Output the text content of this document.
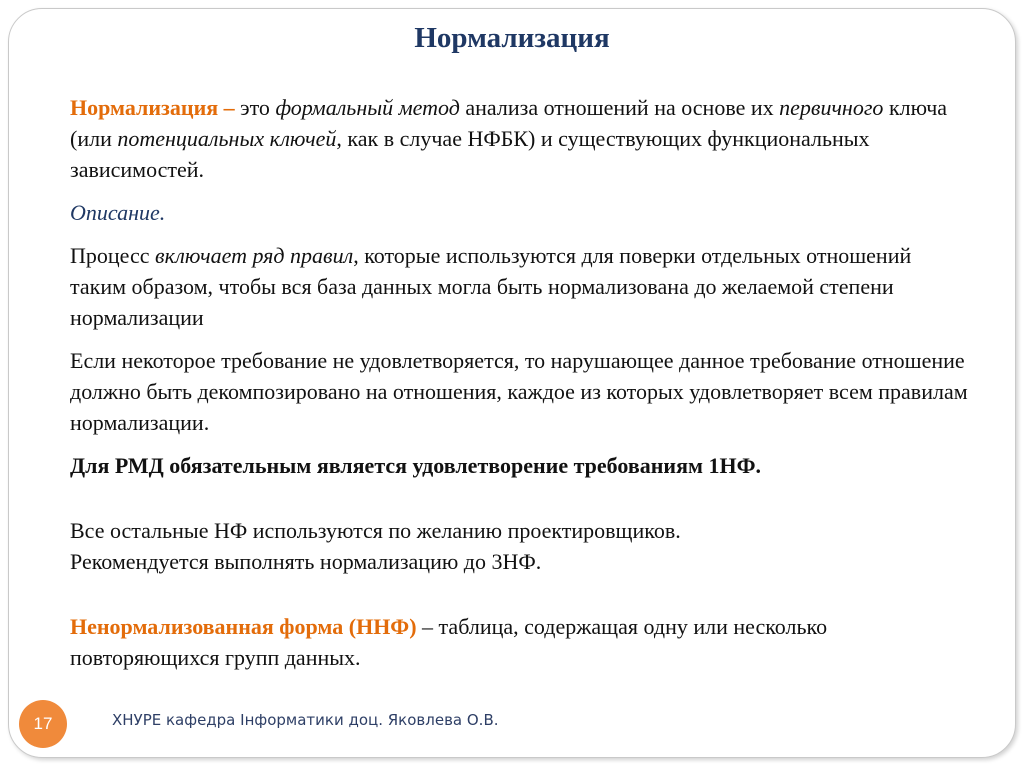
Нормализация

Нормализация – это формальный метод анализа отношений на основе их первичного ключа (или потенциальных ключей, как в случае НФБК) и существующих функциональных зависимостей.

Описание.

Процесс включает ряд правил, которые используются для поверки отдельных отношений таким образом, чтобы вся база данных могла быть нормализована до желаемой степени нормализации

Если некоторое требование не удовлетворяется, то нарушающее данное требование отношение должно быть декомпозировано на отношения, каждое из которых удовлетворяет всем правилам нормализации.

Для РМД обязательным является удовлетворение требованиям 1НФ.

Все остальные НФ используются по желанию проектировщиков.
Рекомендуется выполнять нормализацию до 3НФ.

Ненормализованная форма (ННФ) – таблица, содержащая одну или несколько повторяющихся групп данных.

17	ХНУРЕ кафедра Інформатики доц. Яковлева О.В.
